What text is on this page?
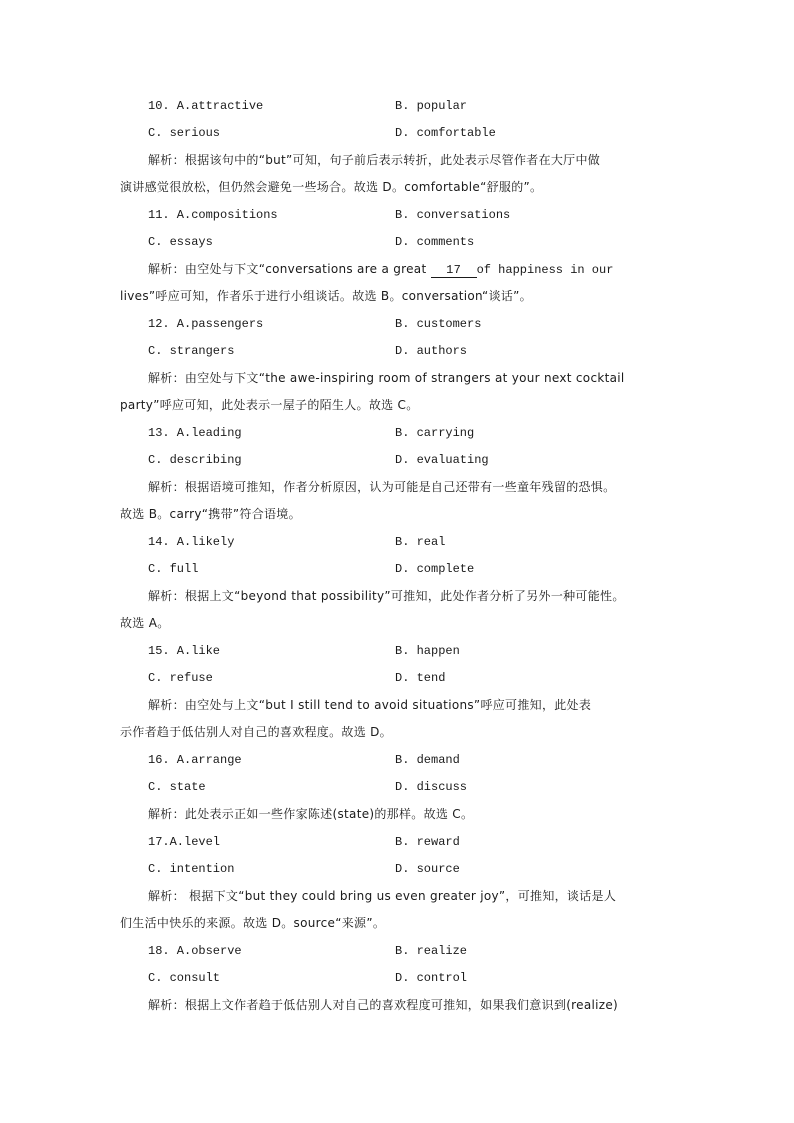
10. A.attractive	B. popular
C. serious	D. comfortable
解析：根据该句中的“but”可知，句子前后表示转折，此处表示尽管作者在大厅中做
演讲感觉很放松，但仍然会避免一些场合。故选 D。comfortable“舒服的”。
11. A.compositions	B. conversations
C. essays	D. comments
解析：由空处与下文“conversations are a great 17 of happiness in our
lives”呼应可知，作者乐于进行小组谈话。故选 B。conversation“谈话”。
12. A.passengers	B. customers
C. strangers	D. authors
解析：由空处与下文“the awe-inspiring room of strangers at your next cocktail
party”呼应可知，此处表示一屋子的陌生人。故选 C。
13. A.leading	B. carrying
C. describing	D. evaluating
解析：根据语境可推知，作者分析原因，认为可能是自己还带有一些童年残留的恐惧。
故选 B。carry“携带”符合语境。
14. A.likely	B. real
C. full	D. complete
解析：根据上文“beyond that possibility”可推知，此处作者分析了另外一种可能性。
故选 A。
15. A.like	B. happen
C. refuse	D. tend
解析：由空处与上文“but I still tend to avoid situations”呼应可推知，此处表
示作者趋于低估别人对自己的喜欢程度。故选 D。
16. A.arrange	B. demand
C. state	D. discuss
解析：此处表示正如一些作家陈述(state)的那样。故选 C。
17.A.level	B. reward
C. intention	D. source
解析： 根据下文“but they could bring us even greater joy”，可推知，谈话是人
们生活中快乐的来源。故选 D。source“来源”。
18. A.observe	B. realize
C. consult	D. control
解析：根据上文作者趋于低估别人对自己的喜欢程度可推知，如果我们意识到(realize)
